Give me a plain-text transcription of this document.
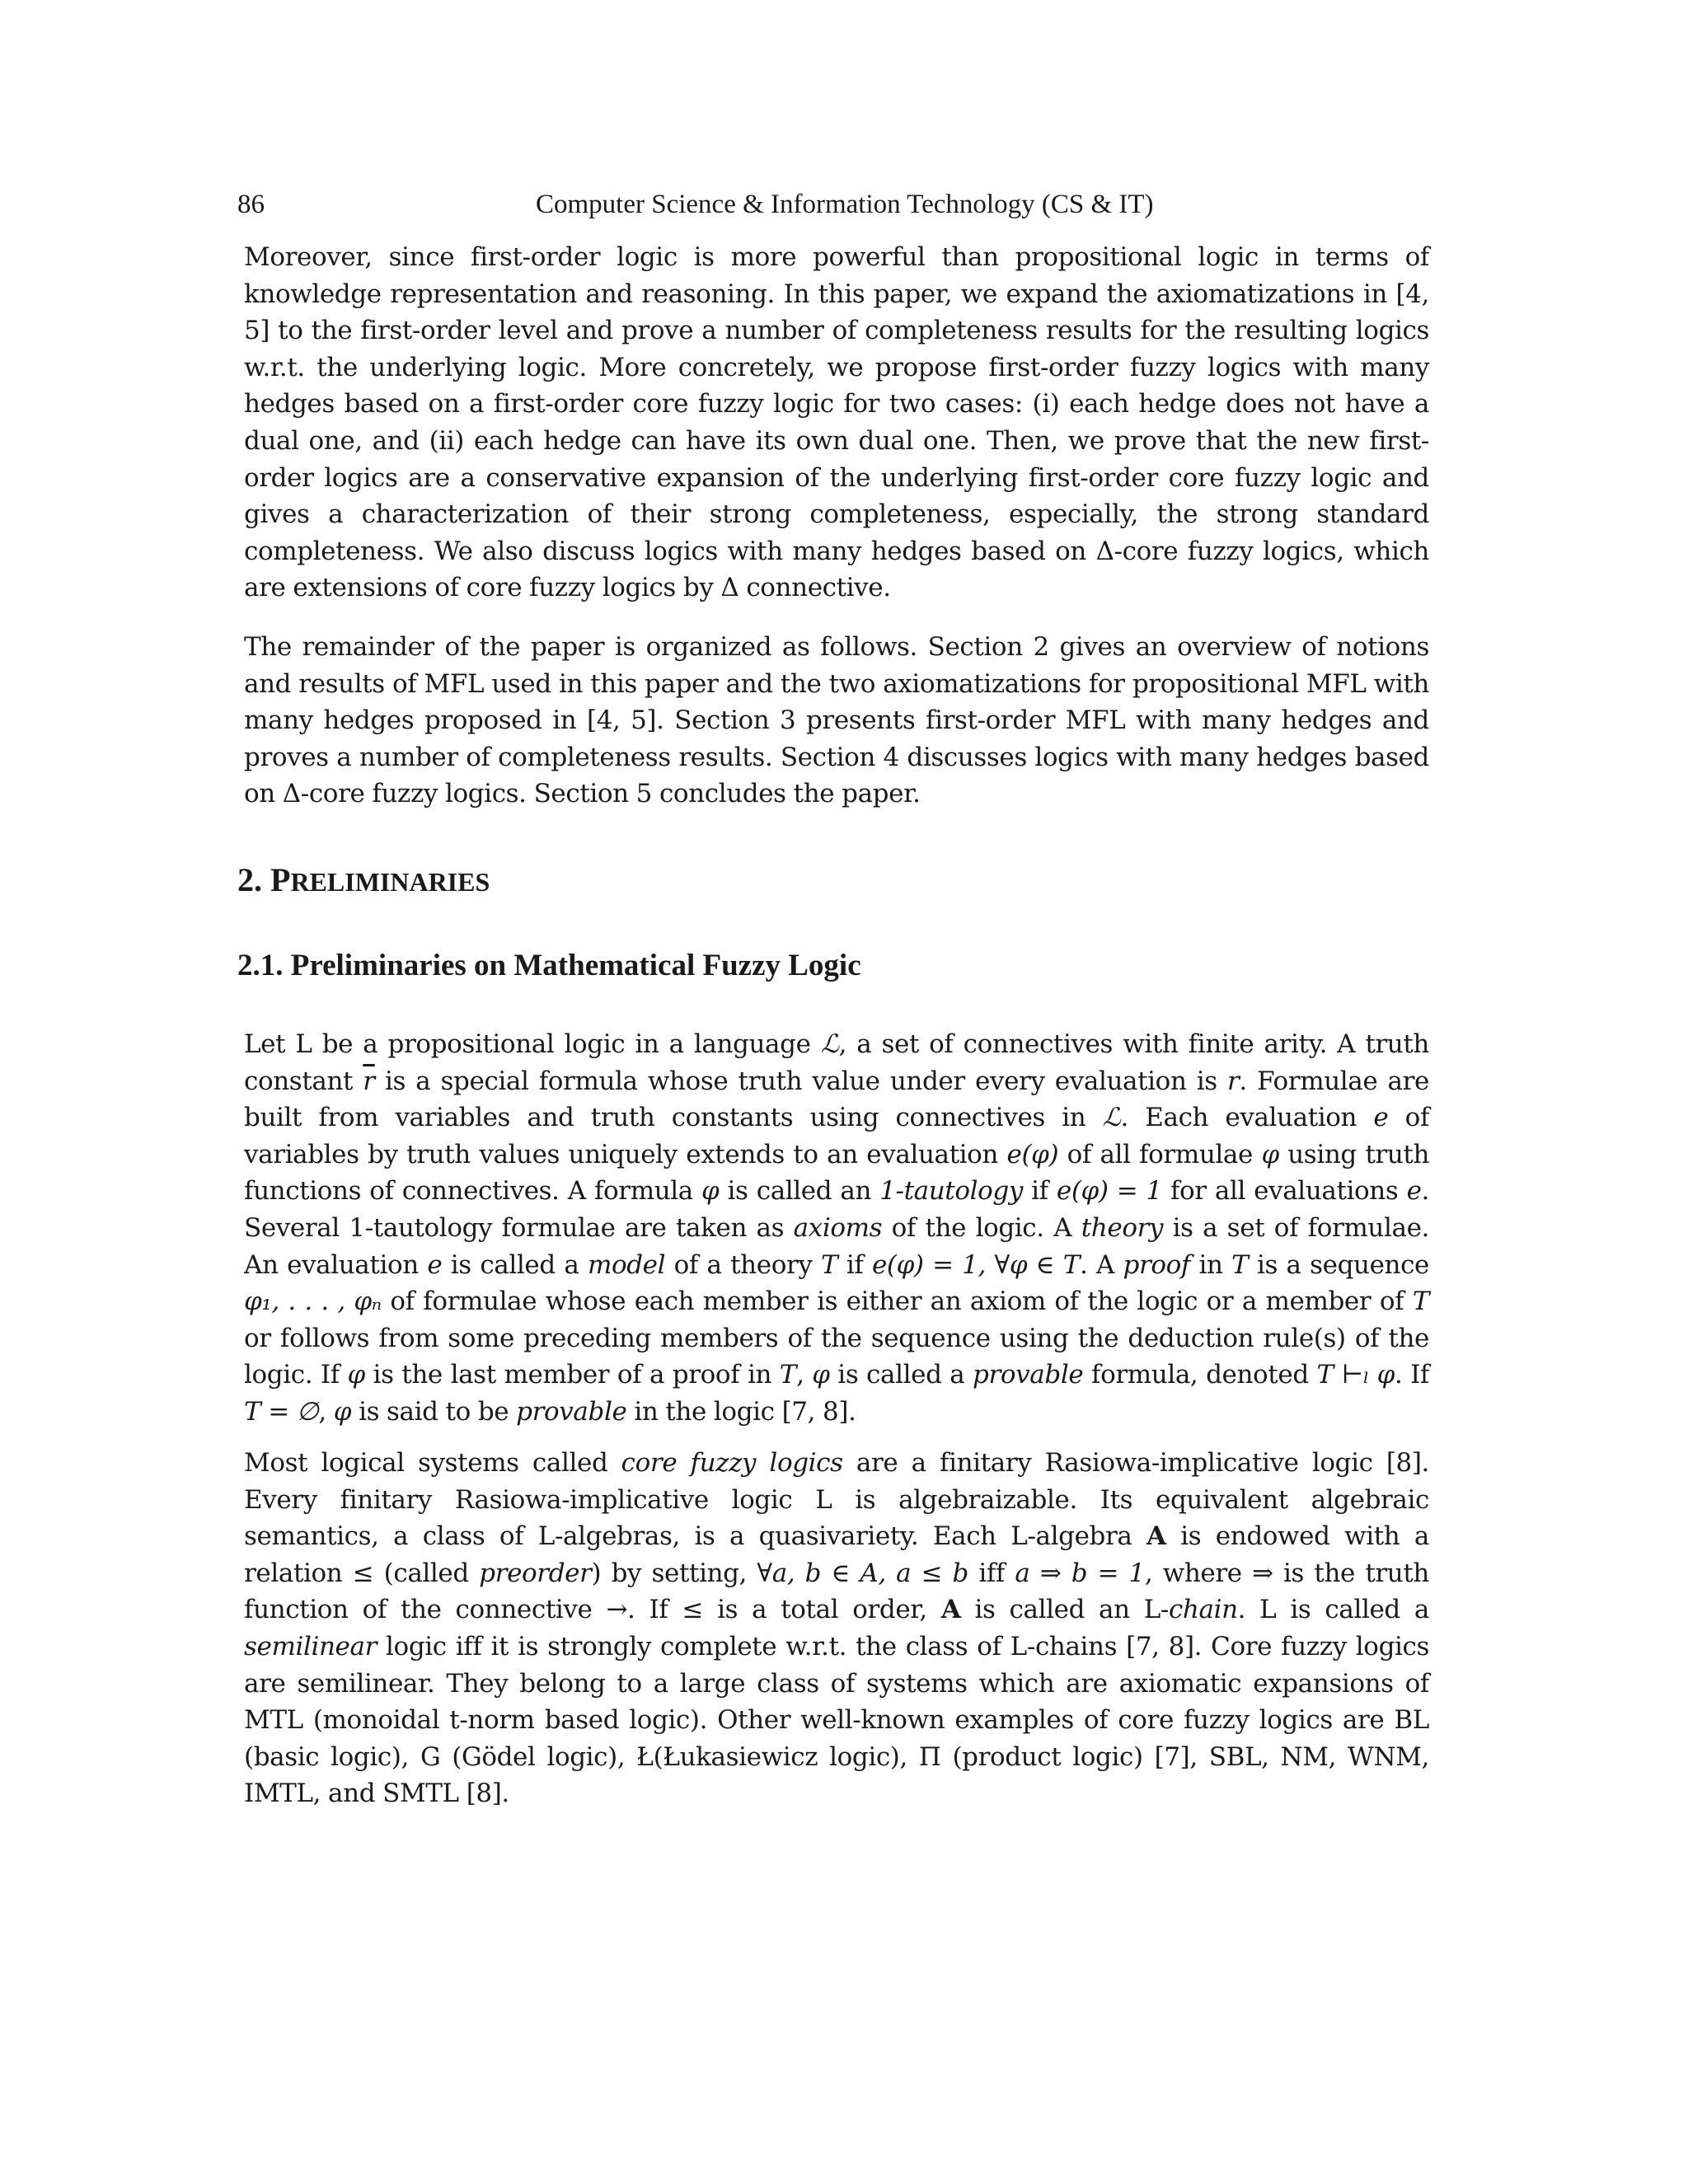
86	Computer Science & Information Technology (CS & IT)

Moreover, since first-order logic is more powerful than propositional logic in terms of knowledge representation and reasoning. In this paper, we expand the axiomatizations in [4, 5] to the first-order level and prove a number of completeness results for the resulting logics w.r.t. the underlying logic. More concretely, we propose first-order fuzzy logics with many hedges based on a first-order core fuzzy logic for two cases: (i) each hedge does not have a dual one, and (ii) each hedge can have its own dual one. Then, we prove that the new first-order logics are a conservative expansion of the underlying first-order core fuzzy logic and gives a characterization of their strong completeness, especially, the strong standard completeness. We also discuss logics with many hedges based on Δ-core fuzzy logics, which are extensions of core fuzzy logics by Δ connective.

The remainder of the paper is organized as follows. Section 2 gives an overview of notions and results of MFL used in this paper and the two axiomatizations for propositional MFL with many hedges proposed in [4, 5]. Section 3 presents first-order MFL with many hedges and proves a number of completeness results. Section 4 discusses logics with many hedges based on Δ-core fuzzy logics. Section 5 concludes the paper.

2. PRELIMINARIES
2.1. Preliminaries on Mathematical Fuzzy Logic

Let L be a propositional logic in a language ℒ, a set of connectives with finite arity. A truth constant $\overline{r}$ is a special formula whose truth value under every evaluation is r. Formulae are built from variables and truth constants using connectives in ℒ. Each evaluation e of variables by truth values uniquely extends to an evaluation e(φ) of all formulae φ using truth functions of connectives. A formula φ is called an 1-tautology if e(φ) = 1 for all evaluations e. Several 1-tautology formulae are taken as axioms of the logic. A theory is a set of formulae. An evaluation e is called a model of a theory T if e(φ) = 1, ∀φ ∈ T. A proof in T is a sequence φ₁, . . . , φₙ of formulae whose each member is either an axiom of the logic or a member of T or follows from some preceding members of the sequence using the deduction rule(s) of the logic. If φ is the last member of a proof in T, φ is called a provable formula, denoted T ⊢ₗ φ. If T = ∅, φ is said to be provable in the logic [7, 8].

Most logical systems called core fuzzy logics are a finitary Rasiowa-implicative logic [8]. Every finitary Rasiowa-implicative logic L is algebraizable. Its equivalent algebraic semantics, a class of L-algebras, is a quasivariety. Each L-algebra A is endowed with a relation ≤ (called preorder) by setting, ∀a, b ∈ A, a ≤ b iff a ⇒ b = 1, where ⇒ is the truth function of the connective →. If ≤ is a total order, A is called an L-chain. L is called a semilinear logic iff it is strongly complete w.r.t. the class of L-chains [7, 8]. Core fuzzy logics are semilinear. They belong to a large class of systems which are axiomatic expansions of MTL (monoidal t-norm based logic). Other well-known examples of core fuzzy logics are BL (basic logic), G (Gödel logic), Ł(Łukasiewicz logic), Π (product logic) [7], SBL, NM, WNM, IMTL, and SMTL [8].
